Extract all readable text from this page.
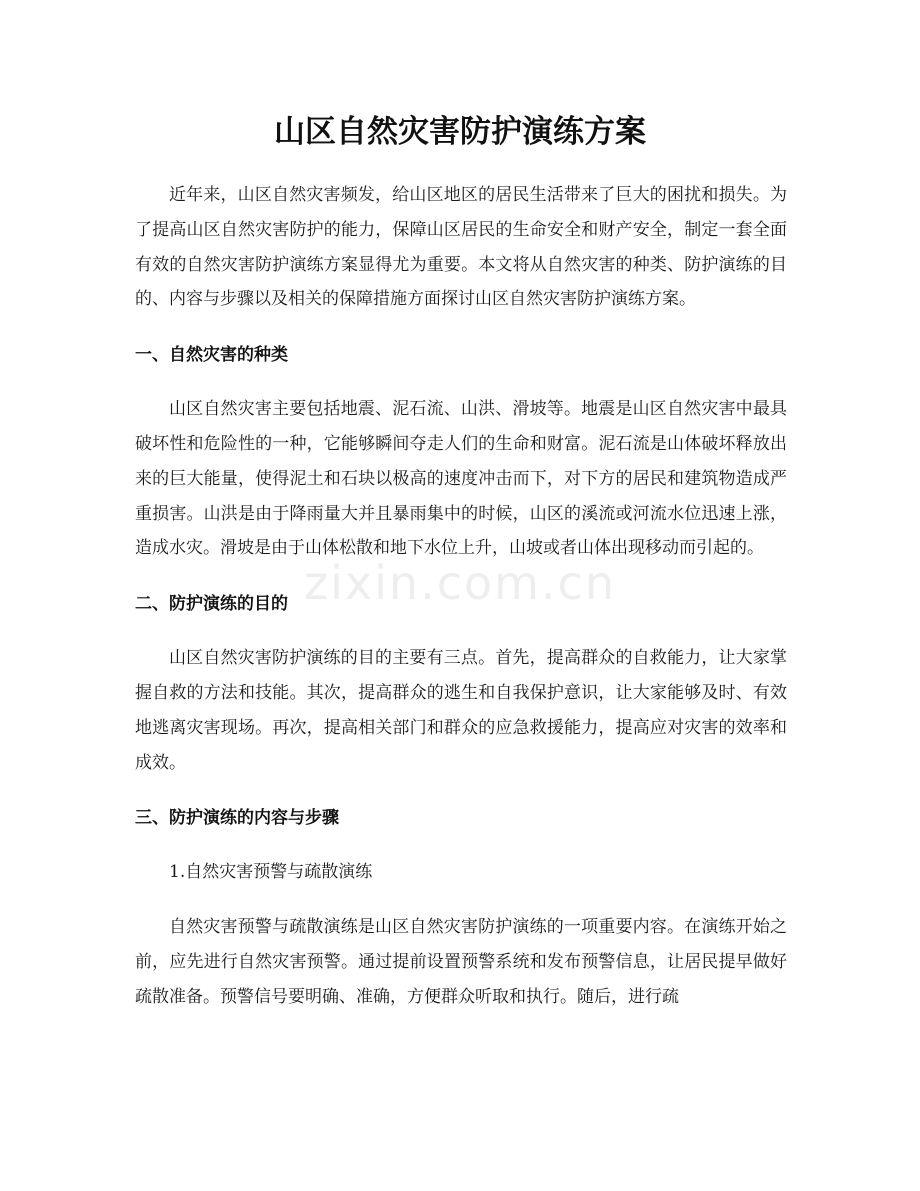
山区自然灾害防护演练方案

近年来，山区自然灾害频发，给山区地区的居民生活带来了巨大的困扰和损失。为了提高山区自然灾害防护的能力，保障山区居民的生命安全和财产安全，制定一套全面有效的自然灾害防护演练方案显得尤为重要。本文将从自然灾害的种类、防护演练的目的、内容与步骤以及相关的保障措施方面探讨山区自然灾害防护演练方案。

一、自然灾害的种类

山区自然灾害主要包括地震、泥石流、山洪、滑坡等。地震是山区自然灾害中最具破坏性和危险性的一种，它能够瞬间夺走人们的生命和财富。泥石流是山体破坏释放出来的巨大能量，使得泥土和石块以极高的速度冲击而下，对下方的居民和建筑物造成严重损害。山洪是由于降雨量大并且暴雨集中的时候，山区的溪流或河流水位迅速上涨，造成水灾。滑坡是由于山体松散和地下水位上升，山坡或者山体出现移动而引起的。

二、防护演练的目的

山区自然灾害防护演练的目的主要有三点。首先，提高群众的自救能力，让大家掌握自救的方法和技能。其次，提高群众的逃生和自我保护意识，让大家能够及时、有效地逃离灾害现场。再次，提高相关部门和群众的应急救援能力，提高应对灾害的效率和成效。

三、防护演练的内容与步骤

1.自然灾害预警与疏散演练

自然灾害预警与疏散演练是山区自然灾害防护演练的一项重要内容。在演练开始之前，应先进行自然灾害预警。通过提前设置预警系统和发布预警信息，让居民提早做好疏散准备。预警信号要明确、准确，方便群众听取和执行。随后，进行疏

zixin.com.cn
